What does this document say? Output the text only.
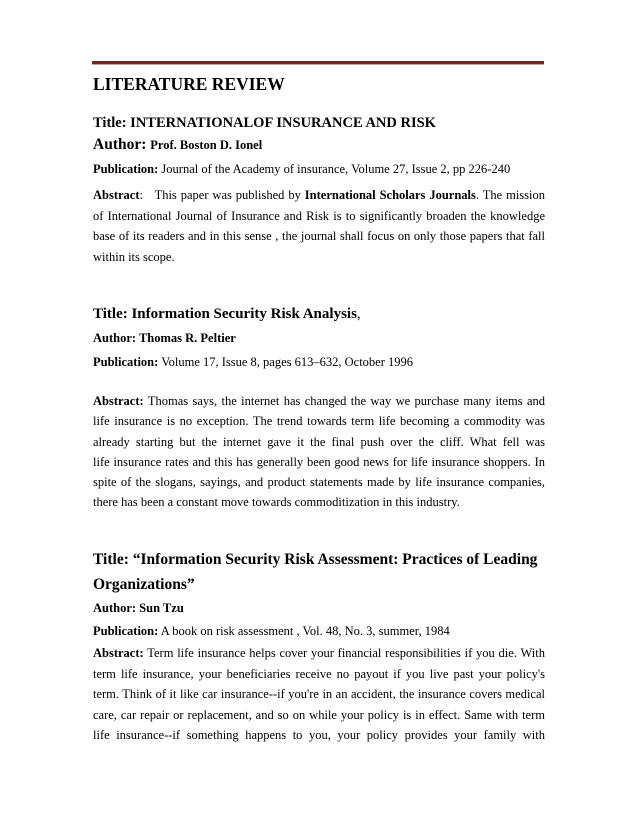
LITERATURE REVIEW
Title: INTERNATIONALOF INSURANCE AND RISK
Author: Prof. Boston D. Ionel
Publication: Journal of the Academy of insurance, Volume 27, Issue 2, pp 226-240
Abstract:   This paper was published by International Scholars Journals. The mission
of International Journal of Insurance and Risk is to significantly broaden the knowledge
base of its readers and in this sense , the journal shall focus on only those papers that fall
within its scope.
Title: Information Security Risk Analysis,
Author: Thomas R. Peltier
Publication: Volume 17, Issue 8, pages 613–632, October 1996
Abstract: Thomas says, the internet has changed the way we purchase many items and
life insurance is no exception. The trend towards term life becoming a commodity was
already starting but the internet gave it the final push over the cliff. What fell was
life insurance rates and this has generally been good news for life insurance shoppers. In
spite of the slogans, sayings, and product statements made by life insurance companies,
there has been a constant move towards commoditization in this industry.
Title: “Information Security Risk Assessment: Practices of Leading
Organizations”
Author: Sun Tzu
Publication: A book on risk assessment , Vol. 48, No. 3, summer, 1984
Abstract: Term life insurance helps cover your financial responsibilities if you die. With
term life insurance, your beneficiaries receive no payout if you live past your policy's
term. Think of it like car insurance--if you're in an accident, the insurance covers medical
care, car repair or replacement, and so on while your policy is in effect. Same with term
life insurance--if something happens to you, your policy provides your family with
